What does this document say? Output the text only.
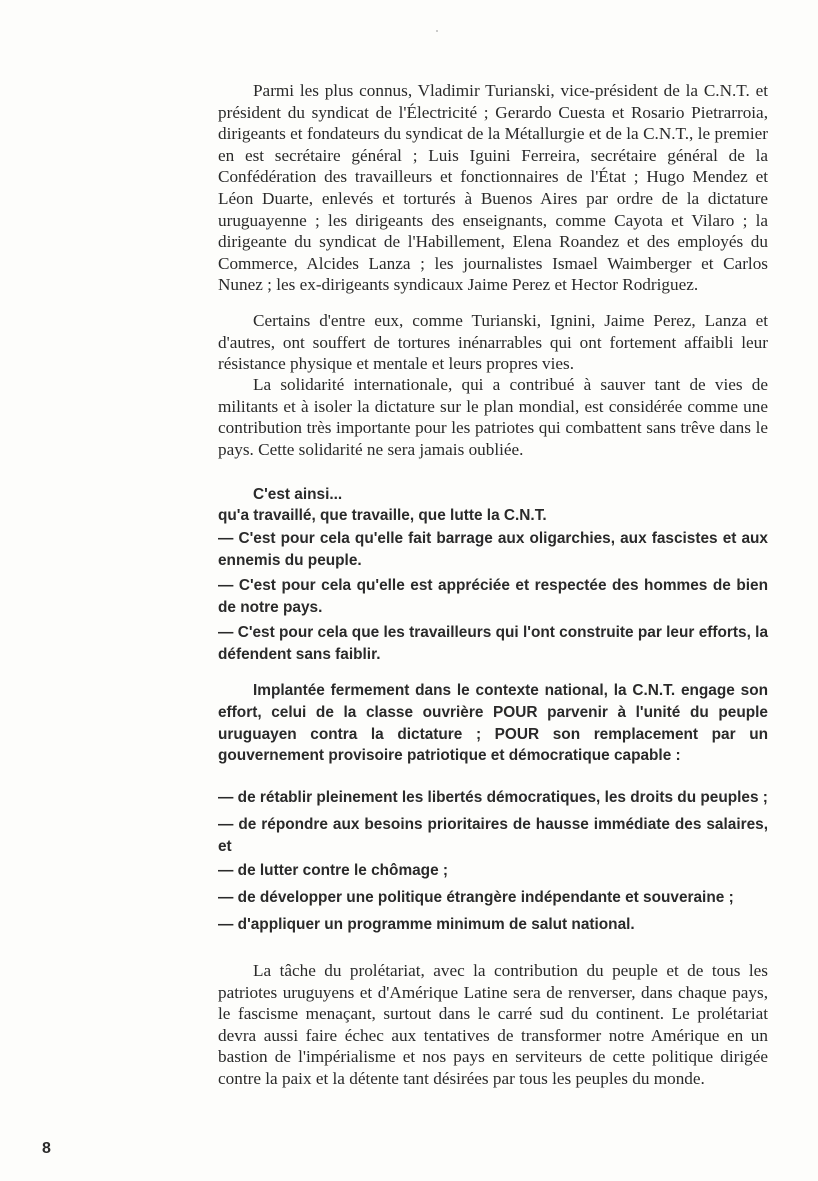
Parmi les plus connus, Vladimir Turianski, vice-président de la C.N.T. et président du syndicat de l'Électricité ; Gerardo Cuesta et Rosario Pietrarroia, dirigeants et fondateurs du syndicat de la Métallurgie et de la C.N.T., le premier en est secrétaire général ; Luis Iguini Ferreira, secrétaire général de la Confédération des travailleurs et fonctionnaires de l'État ; Hugo Mendez et Léon Duarte, enlevés et torturés à Buenos Aires par ordre de la dictature uruguayenne ; les dirigeants des enseignants, comme Cayota et Vilaro ; la dirigeante du syndicat de l'Habillement, Elena Roandez et des employés du Commerce, Alcides Lanza ; les journalistes Ismael Waimberger et Carlos Nunez ; les ex-dirigeants syndicaux Jaime Perez et Hector Rodriguez.

Certains d'entre eux, comme Turianski, Ignini, Jaime Perez, Lanza et d'autres, ont souffert de tortures inénarrables qui ont fortement affaibli leur résistance physique et mentale et leurs propres vies.

La solidarité internationale, qui a contribué à sauver tant de vies de militants et à isoler la dictature sur le plan mondial, est considérée comme une contribution très importante pour les patriotes qui combattent sans trêve dans le pays. Cette solidarité ne sera jamais oubliée.

C'est ainsi...

qu'a travaillé, que travaille, que lutte la C.N.T.

— C'est pour cela qu'elle fait barrage aux oligarchies, aux fascistes et aux ennemis du peuple.

— C'est pour cela qu'elle est appréciée et respectée des hommes de bien de notre pays.

— C'est pour cela que les travailleurs qui l'ont construite par leur efforts, la défendent sans faiblir.

Implantée fermement dans le contexte national, la C.N.T. engage son effort, celui de la classe ouvrière POUR parvenir à l'unité du peuple uruguayen contra la dictature ; POUR son remplacement par un gouvernement provisoire patriotique et démocratique capable :

— de rétablir pleinement les libertés démocratiques, les droits du peuples ;

— de répondre aux besoins prioritaires de hausse immédiate des salaires, et

— de lutter contre le chômage ;

— de développer une politique étrangère indépendante et souveraine ;

— d'appliquer un programme minimum de salut national.

La tâche du prolétariat, avec la contribution du peuple et de tous les patriotes uruguyens et d'Amérique Latine sera de renverser, dans chaque pays, le fascisme menaçant, surtout dans le carré sud du continent. Le prolétariat devra aussi faire échec aux tentatives de transformer notre Amérique en un bastion de l'impérialisme et nos pays en serviteurs de cette politique dirigée contre la paix et la détente tant désirées par tous les peuples du monde.

8
